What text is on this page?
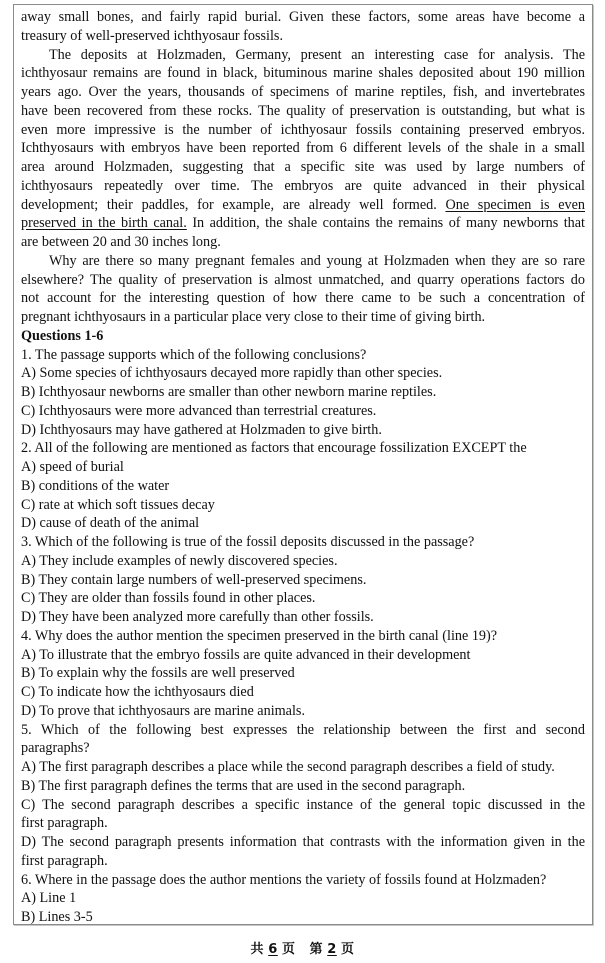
away small bones, and fairly rapid burial. Given these factors, some areas have become a
treasury of well-preserved ichthyosaur fossils.
The deposits at Holzmaden, Germany, present an interesting case for analysis. The
ichthyosaur remains are found in black, bituminous marine shales deposited about 190 million
years ago. Over the years, thousands of specimens of marine reptiles, fish, and invertebrates
have been recovered from these rocks. The quality of preservation is outstanding, but what is
even more impressive is the number of ichthyosaur fossils containing preserved embryos.
Ichthyosaurs with embryos have been reported from 6 different levels of the shale in a small
area around Holzmaden, suggesting that a specific site was used by large numbers of
ichthyosaurs repeatedly over time. The embryos are quite advanced in their physical
development; their paddles, for example, are already well formed. One specimen is even
preserved in the birth canal. In addition, the shale contains the remains of many newborns that
are between 20 and 30 inches long.
Why are there so many pregnant females and young at Holzmaden when they are so rare
elsewhere? The quality of preservation is almost unmatched, and quarry operations factors do
not account for the interesting question of how there came to be such a concentration of
pregnant ichthyosaurs in a particular place very close to their time of giving birth.
Questions 1-6
1. The passage supports which of the following conclusions?
A) Some species of ichthyosaurs decayed more rapidly than other species.
B) Ichthyosaur newborns are smaller than other newborn marine reptiles.
C) Ichthyosaurs were more advanced than terrestrial creatures.
D) Ichthyosaurs may have gathered at Holzmaden to give birth.
2. All of the following are mentioned as factors that encourage fossilization EXCEPT the
A) speed of burial
B) conditions of the water
C) rate at which soft tissues decay
D) cause of death of the animal
3. Which of the following is true of the fossil deposits discussed in the passage?
A) They include examples of newly discovered species.
B) They contain large numbers of well-preserved specimens.
C) They are older than fossils found in other places.
D) They have been analyzed more carefully than other fossils.
4. Why does the author mention the specimen preserved in the birth canal (line 19)?
A) To illustrate that the embryo fossils are quite advanced in their development
B) To explain why the fossils are well preserved
C) To indicate how the ichthyosaurs died
D) To prove that ichthyosaurs are marine animals.
5. Which of the following best expresses the relationship between the first and second
paragraphs?
A) The first paragraph describes a place while the second paragraph describes a field of study.
B) The first paragraph defines the terms that are used in the second paragraph.
C) The second paragraph describes a specific instance of the general topic discussed in the
first paragraph.
D) The second paragraph presents information that contrasts with the information given in the
first paragraph.
6. Where in the passage does the author mentions the variety of fossils found at Holzmaden?
A) Line 1
B) Lines 3-5
共 6 页 第 2 页
